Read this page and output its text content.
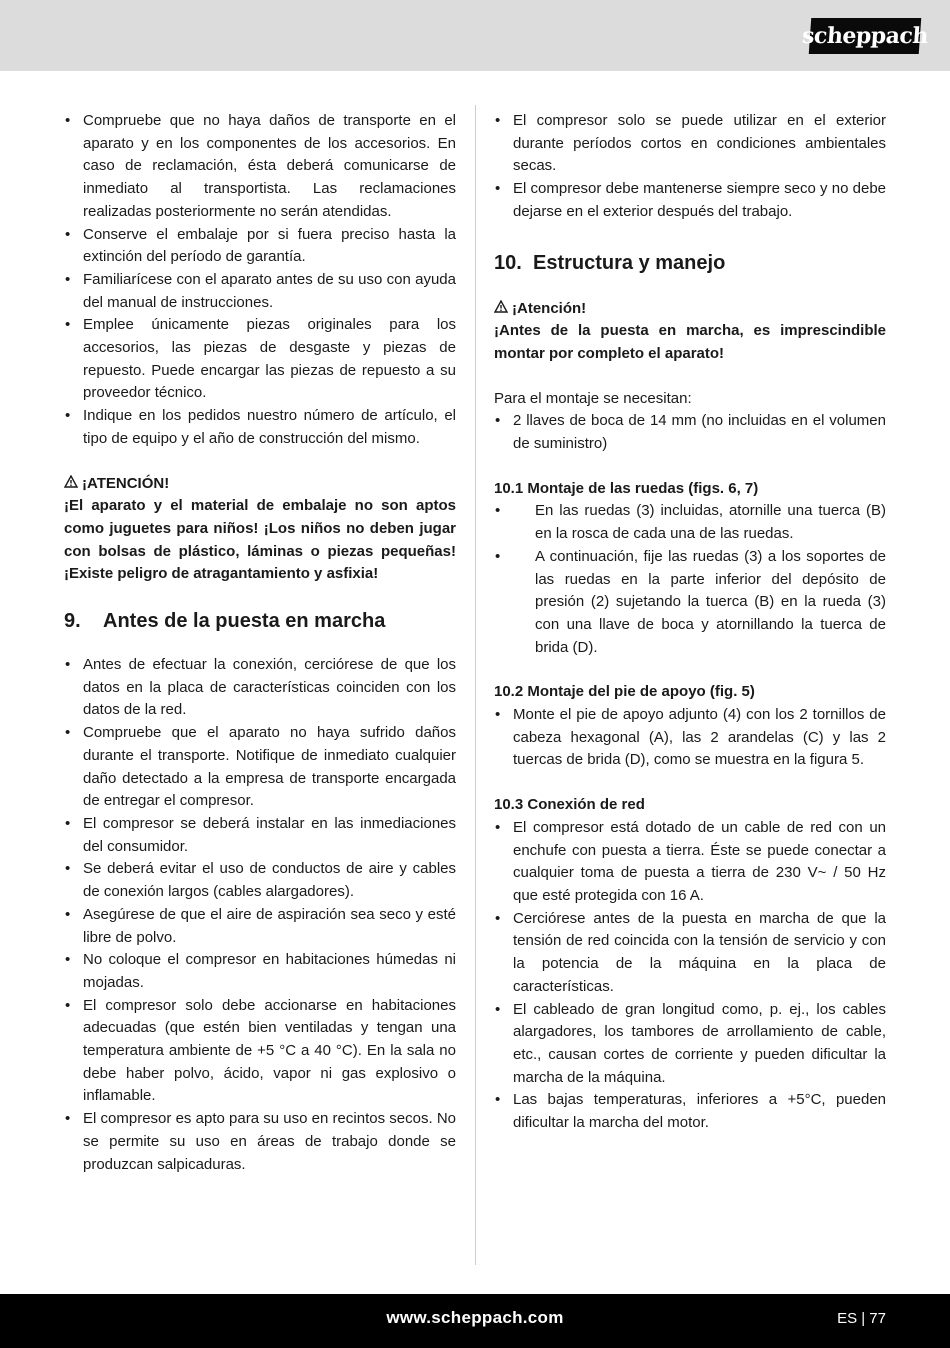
scheppach
• Compruebe que no haya daños de transporte en el aparato y en los componentes de los accesorios. En caso de reclamación, ésta deberá comunicarse de inmediato al transportista. Las reclamaciones realizadas posteriormente no serán atendidas.
• Conserve el embalaje por si fuera preciso hasta la extinción del período de garantía.
• Familiarícese con el aparato antes de su uso con ayuda del manual de instrucciones.
• Emplee únicamente piezas originales para los accesorios, las piezas de desgaste y piezas de repuesto. Puede encargar las piezas de repuesto a su proveedor técnico.
• Indique en los pedidos nuestro número de artículo, el tipo de equipo y el año de construcción del mismo.

¡ATENCIÓN!

¡El aparato y el material de embalaje no son aptos como juguetes para niños! ¡Los niños no deben jugar con bolsas de plástico, láminas o piezas pequeñas! ¡Existe peligro de atragantamiento y asfixia!

9. Antes de la puesta en marcha
• Antes de efectuar la conexión, cerciórese de que los datos en la placa de características coinciden con los datos de la red.
• Compruebe que el aparato no haya sufrido daños durante el transporte. Notifique de inmediato cualquier daño detectado a la empresa de transporte encargada de entregar el compresor.
• El compresor se deberá instalar en las inmediaciones del consumidor.
• Se deberá evitar el uso de conductos de aire y cables de conexión largos (cables alargadores).
• Asegúrese de que el aire de aspiración sea seco y esté libre de polvo.
• No coloque el compresor en habitaciones húmedas ni mojadas.
• El compresor solo debe accionarse en habitaciones adecuadas (que estén bien ventiladas y tengan una temperatura ambiente de +5 °C a 40 °C). En la sala no debe haber polvo, ácido, vapor ni gas explosivo o inflamable.
• El compresor es apto para su uso en recintos secos. No se permite su uso en áreas de trabajo donde se produzcan salpicaduras.
• El compresor solo se puede utilizar en el exterior durante períodos cortos en condiciones ambientales secas.
• El compresor debe mantenerse siempre seco y no debe dejarse en el exterior después del trabajo.
10. Estructura y manejo

¡Atención!

¡Antes de la puesta en marcha, es imprescindible montar por completo el aparato!

Para el montaje se necesitan:

• 2 llaves de boca de 14 mm (no incluidas en el volumen de suministro)
10.1 Montaje de las ruedas (figs. 6, 7)
• En las ruedas (3) incluidas, atornille una tuerca (B) en la rosca de cada una de las ruedas.
• A continuación, fije las ruedas (3) a los soportes de las ruedas en la parte inferior del depósito de presión (2) sujetando la tuerca (B) en la rueda (3) con una llave de boca y atornillando la tuerca de brida (D).
10.2 Montaje del pie de apoyo (fig. 5)
• Monte el pie de apoyo adjunto (4) con los 2 tornillos de cabeza hexagonal (A), las 2 arandelas (C) y las 2 tuercas de brida (D), como se muestra en la figura 5.
10.3 Conexión de red
• El compresor está dotado de un cable de red con un enchufe con puesta a tierra. Éste se puede conectar a cualquier toma de puesta a tierra de 230 V~ / 50 Hz que esté protegida con 16 A.
• Cerciórese antes de la puesta en marcha de que la tensión de red coincida con la tensión de servicio y con la potencia de la máquina en la placa de características.
• El cableado de gran longitud como, p. ej., los cables alargadores, los tambores de arrollamiento de cable, etc., causan cortes de corriente y pueden dificultar la marcha de la máquina.
• Las bajas temperaturas, inferiores a +5°C, pueden dificultar la marcha del motor.
www.scheppach.com	ES | 77
